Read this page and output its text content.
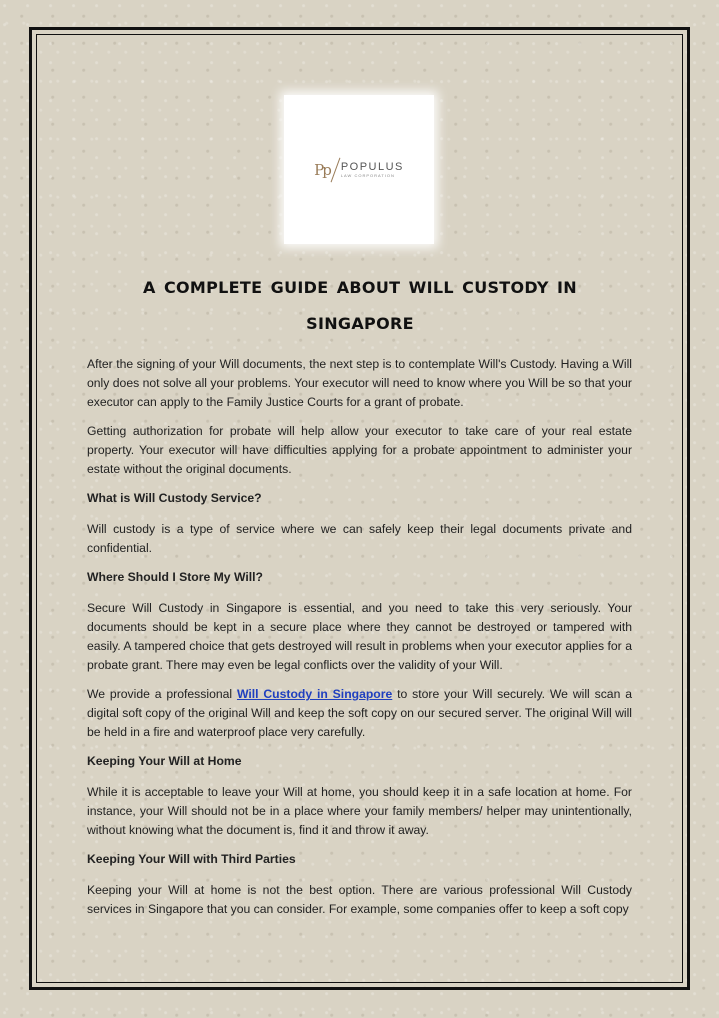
Pp POPULUS
LAW CORPORATION
a complete guide about will custody in
singapore

After the signing of your Will documents, the next step is to contemplate Will's Custody. Having a Will only does not solve all your problems. Your executor will need to know where you Will be so that your executor can apply to the Family Justice Courts for a grant of probate.

Getting authorization for probate will help allow your executor to take care of your real estate property. Your executor will have difficulties applying for a probate appointment to administer your estate without the original documents.

What is Will Custody Service?

Will custody is a type of service where we can safely keep their legal documents private and confidential.

Where Should I Store My Will?

Secure Will Custody in Singapore is essential, and you need to take this very seriously. Your documents should be kept in a secure place where they cannot be destroyed or tampered with easily. A tampered choice that gets destroyed will result in problems when your executor applies for a probate grant. There may even be legal conflicts over the validity of your Will.

We provide a professional Will Custody in Singapore to store your Will securely. We will scan a digital soft copy of the original Will and keep the soft copy on our secured server. The original Will will be held in a fire and waterproof place very carefully.

Keeping Your Will at Home

While it is acceptable to leave your Will at home, you should keep it in a safe location at home. For instance, your Will should not be in a place where your family members/ helper may unintentionally, without knowing what the document is, find it and throw it away.

Keeping Your Will with Third Parties

Keeping your Will at home is not the best option. There are various professional Will Custody services in Singapore that you can consider. For example, some companies offer to keep a soft copy
